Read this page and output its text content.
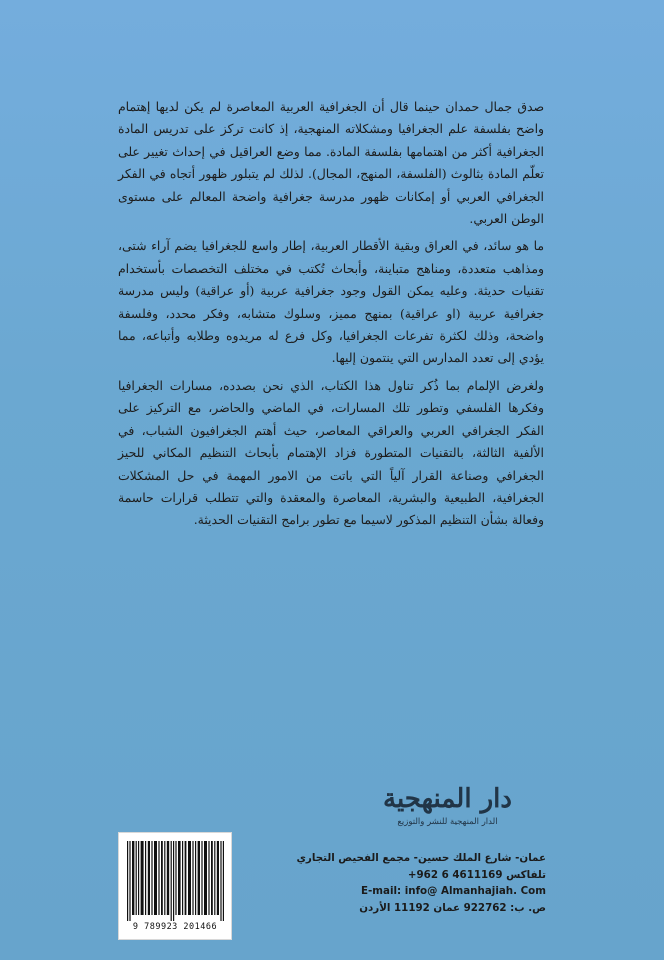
صدق جمال حمدان حينما قال أن الجغرافية العربية المعاصرة لم يكن لديها إهتمام واضح بفلسفة علم الجغرافيا ومشكلاته المنهجية، إذ كانت تركز على تدريس المادة الجغرافية أكثر من اهتمامها بفلسفة المادة. مما وضع العراقيل في إحداث تغيير على تعلّم المادة بثالوث (الفلسفة، المنهج، المجال). لذلك لم يتبلور ظهور أتجاه في الفكر الجغرافي العربي أو إمكانات ظهور مدرسة جغرافية واضحة المعالم على مستوى الوطن العربي.

ما هو سائد، في العراق وبقية الأقطار العربية، إطار واسع للجغرافيا يضم آراء شتى، ومذاهب متعددة، ومناهج متباينة، وأبحاث تُكتب في مختلف التخصصات بأستخدام تقنيات حديثة. وعليه يمكن القول وجود جغرافية عربية (أو عراقية) وليس مدرسة جغرافية عربية (او عراقية) بمنهج مميز، وسلوك متشابه، وفكر محدد، وفلسفة واضحة، وذلك لكثرة تفرعات الجغرافيا، وكل فرع له مريدوه وطلابه وأتباعه، مما يؤدي إلى تعدد المدارس التي ينتمون إليها.

ولغرض الإلمام بما ذُكر تناول هذا الكتاب، الذي نحن بصدده، مسارات الجغرافيا وفكرها الفلسفي وتطور تلك المسارات، في الماضي والحاضر، مع التركيز على الفكر الجغرافي العربي والعراقي المعاصر، حيث أهتم الجغرافيون الشباب، في الألفية الثالثة، بالتقنيات المتطورة فزاد الإهتمام بأبحاث التنظيم المكاني للحيز الجغرافي وصناعة القرار آلياً التي باتت من الامور المهمة في حل المشكلات الجغرافية، الطبيعية والبشرية، المعاصرة والمعقدة والتي تتطلب قرارات حاسمة وفعالة بشأن التنظيم المذكور لاسيما مع تطور برامج التقنيات الحديثة.

دار المنهجية
الدار المنهجية للنشر والتوزيع
عمان- شارع الملك حسين- مجمع الفحيص التجاري
تلفاكس 4611169 6 962+
E-mail: info@ Almanhajiah. Com
ص. ب: 922762 عمان 11192 الأردن
9 789923 201466
